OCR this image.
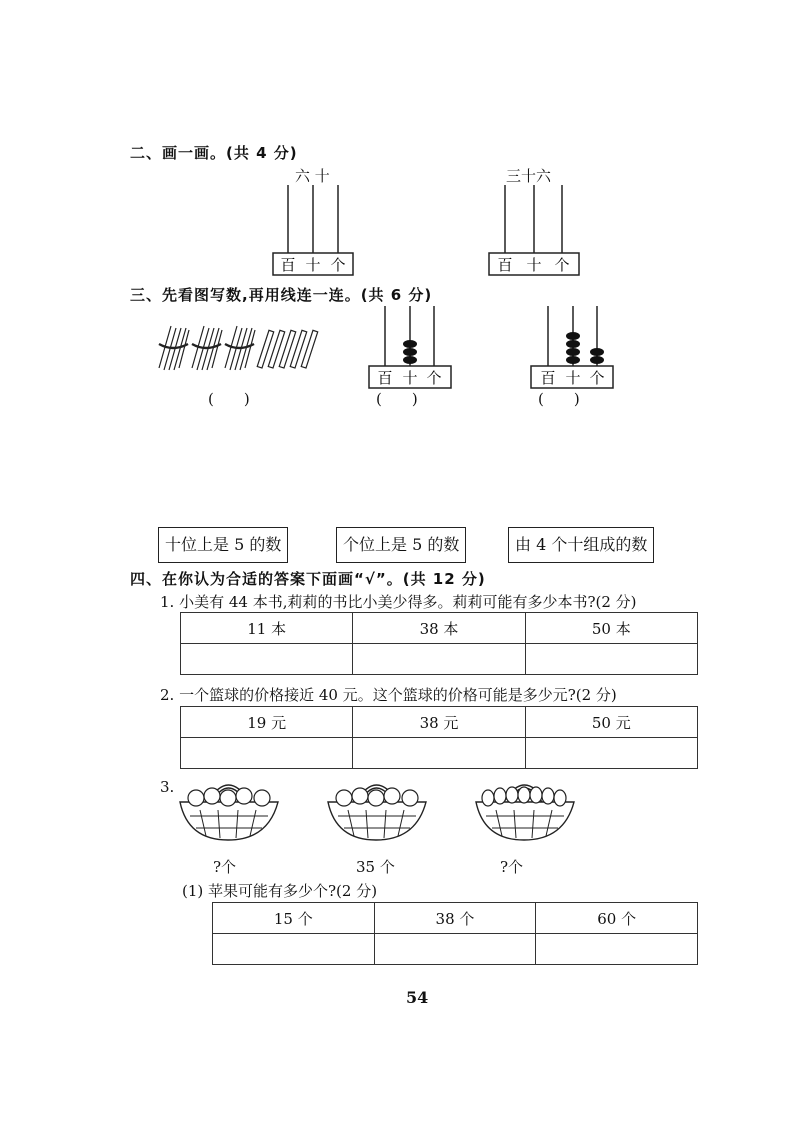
二、画一画。(共 4 分)
六 十
百 十 个
三十六
百 十 个
三、先看图写数,再用线连一连。(共 6 分)
(　　)
百 十 个
(　　)
百 十 个
(　　)
十位上是 5 的数	个位上是 5 的数	由 4 个十组成的数
四、在你认为合适的答案下面画“√”。(共 12 分)
1. 小美有 44 本书,莉莉的书比小美少得多。莉莉可能有多少本书?(2 分)
11 本	38 本	50 本

2. 一个篮球的价格接近 40 元。这个篮球的价格可能是多少元?(2 分)
19 元	38 元	50 元

3.
?个	35 个	?个
(1) 苹果可能有多少个?(2 分)
15 个	38 个	60 个

54
